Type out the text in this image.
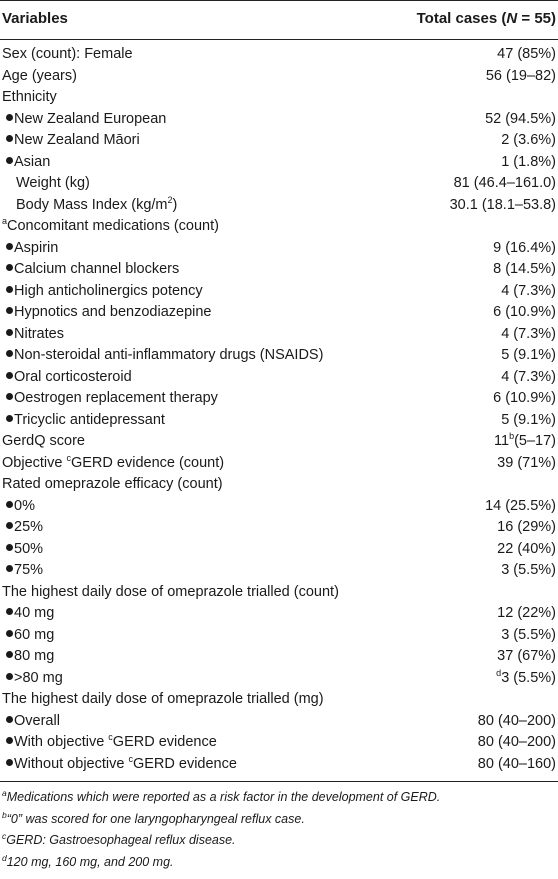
Variables	Total cases (N = 55)
Sex (count): Female	47 (85%)
Age (years)	56 (19–82)
Ethnicity
New Zealand European	52 (94.5%)
New Zealand Māori	2 (3.6%)
Asian	1 (1.8%)
Weight (kg)	81 (46.4–161.0)
Body Mass Index $(kg/m^2)$	30.1 (18.1–53.8)
$^a$Concomitant medications (count)
Aspirin	9 (16.4%)
Calcium channel blockers	8 (14.5%)
High anticholinergics potency	4 (7.3%)
Hypnotics and benzodiazepine	6 (10.9%)
Nitrates	4 (7.3%)
Non-steroidal anti-inflammatory drugs (NSAIDS)	5 (9.1%)
Oral corticosteroid	4 (7.3%)
Oestrogen replacement therapy	6 (10.9%)
Tricyclic antidepressant	5 (9.1%)
GerdQ score	11$^b$(5–17)
Objective $^c$GERD evidence (count)	39 (71%)
Rated omeprazole efficacy (count)
0%	14 (25.5%)
25%	16 (29%)
50%	22 (40%)
75%	3 (5.5%)
The highest daily dose of omeprazole trialled (count)
40 mg	12 (22%)
60 mg	3 (5.5%)
80 mg	37 (67%)
>80 mg	$^d$3 (5.5%)
The highest daily dose of omeprazole trialled (mg)
Overall	80 (40–200)
With objective $^c$GERD evidence	80 (40–200)
Without objective $^c$GERD evidence	80 (40–160)
$^a$Medications which were reported as a risk factor in the development of GERD.
$^b$“0” was scored for one laryngopharyngeal reflux case.
$^c$GERD: Gastroesophageal reflux disease.
$^d$120 mg, 160 mg, and 200 mg.
